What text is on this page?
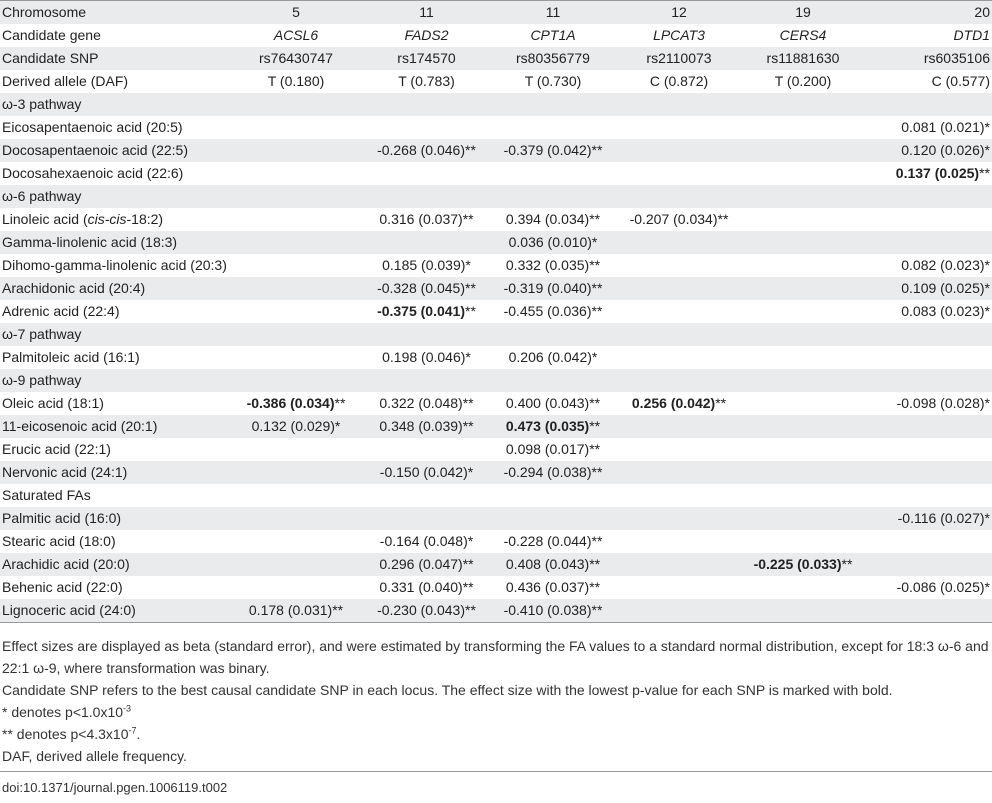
Chromosome	5	11	11	12	19	20
Candidate gene	ACSL6	FADS2	CPT1A	LPCAT3	CERS4	DTD1
Candidate SNP	rs76430747	rs174570	rs80356779	rs2110073	rs11881630	rs6035106
Derived allele (DAF)	T (0.180)	T (0.783)	T (0.730)	C (0.872)	T (0.200)	C (0.577)
ω-3 pathway						
Eicosapentaenoic acid (20:5)						0.081 (0.021)*
Docosapentaenoic acid (22:5)		-0.268 (0.046)**	-0.379 (0.042)**			0.120 (0.026)*
Docosahexaenoic acid (22:6)						0.137 (0.025)**
ω-6 pathway						
Linoleic acid (cis-cis-18:2)		0.316 (0.037)**	0.394 (0.034)**	-0.207 (0.034)**		
Gamma-linolenic acid (18:3)			0.036 (0.010)*			
Dihomo-gamma-linolenic acid (20:3)		0.185 (0.039)*	0.332 (0.035)**			0.082 (0.023)*
Arachidonic acid (20:4)		-0.328 (0.045)**	-0.319 (0.040)**			0.109 (0.025)*
Adrenic acid (22:4)		-0.375 (0.041)**	-0.455 (0.036)**			0.083 (0.023)*
ω-7 pathway						
Palmitoleic acid (16:1)		0.198 (0.046)*	0.206 (0.042)*			
ω-9 pathway						
Oleic acid (18:1)	-0.386 (0.034)**	0.322 (0.048)**	0.400 (0.043)**	0.256 (0.042)**		-0.098 (0.028)*
11-eicosenoic acid (20:1)	0.132 (0.029)*	0.348 (0.039)**	0.473 (0.035)**			
Erucic acid (22:1)			0.098 (0.017)**			
Nervonic acid (24:1)		-0.150 (0.042)*	-0.294 (0.038)**			
Saturated FAs						
Palmitic acid (16:0)						-0.116 (0.027)*
Stearic acid (18:0)		-0.164 (0.048)*	-0.228 (0.044)**			
Arachidic acid (20:0)		0.296 (0.047)**	0.408 (0.043)**		-0.225 (0.033)**	
Behenic acid (22:0)		0.331 (0.040)**	0.436 (0.037)**			-0.086 (0.025)*
Lignoceric acid (24:0)	0.178 (0.031)**	-0.230 (0.043)**	-0.410 (0.038)**			

Effect sizes are displayed as beta (standard error), and were estimated by transforming the FA values to a standard normal distribution, except for 18:3 ω-6 and 22:1 ω-9, where transformation was binary.

Candidate SNP refers to the best causal candidate SNP in each locus. The effect size with the lowest p-value for each SNP is marked with bold.

* denotes $p<1.0x10^{-3}$

** denotes $p<4.3x10^{-7}$.

DAF, derived allele frequency.

doi:10.1371/journal.pgen.1006119.t002
